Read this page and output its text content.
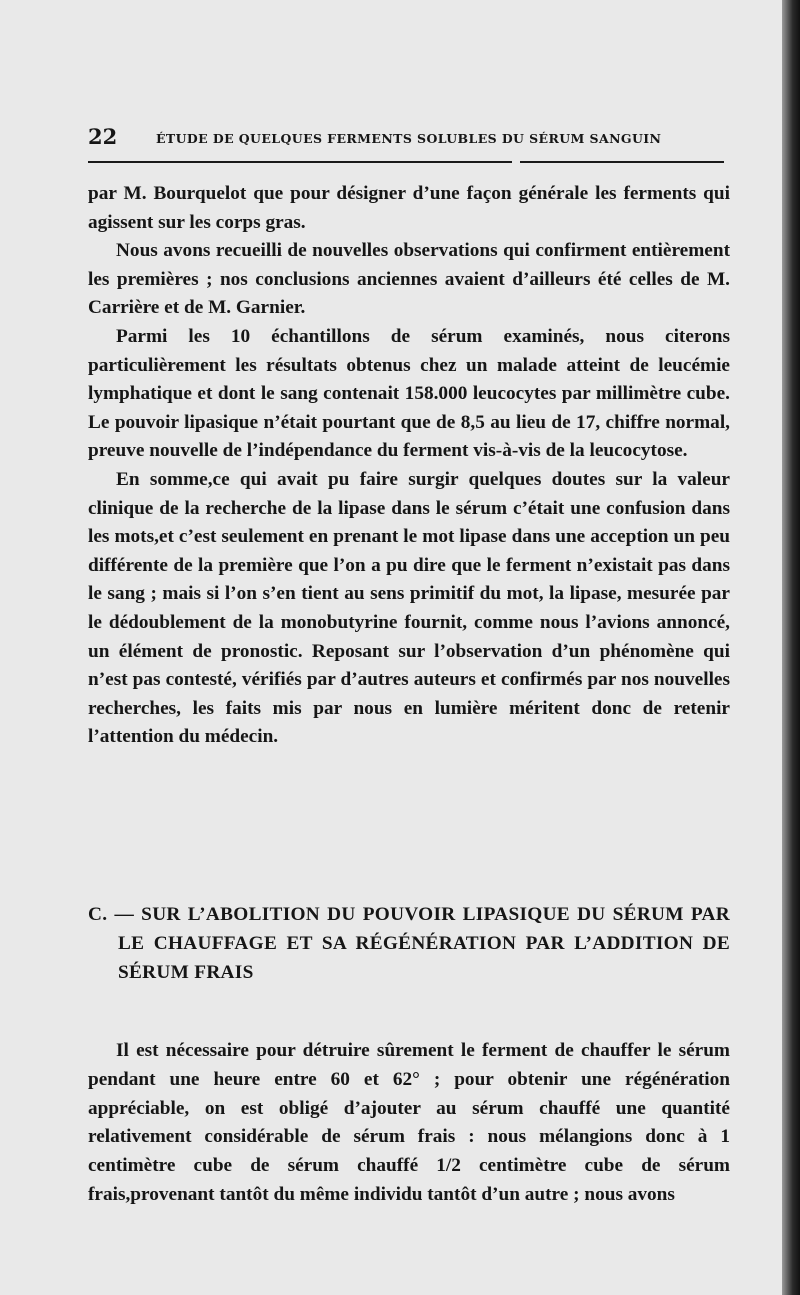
22	ÉTUDE DE QUELQUES FERMENTS SOLUBLES DU SÉRUM SANGUIN

par M. Bourquelot que pour désigner d’une façon générale les ferments qui agissent sur les corps gras.

Nous avons recueilli de nouvelles observations qui confirment entièrement les premières ; nos conclusions anciennes avaient d’ailleurs été celles de M. Carrière et de M. Garnier.

Parmi les 10 échantillons de sérum examinés, nous citerons particulièrement les résultats obtenus chez un malade atteint de leucémie lymphatique et dont le sang contenait 158.000 leucocytes par millimètre cube. Le pouvoir lipasique n’était pourtant que de 8,5 au lieu de 17, chiffre normal, preuve nouvelle de l’indépendance du ferment vis-à-vis de la leucocytose.

En somme,ce qui avait pu faire surgir quelques doutes sur la valeur clinique de la recherche de la lipase dans le sérum c’était une confusion dans les mots,et c’est seulement en prenant le mot lipase dans une acception un peu différente de la première que l’on a pu dire que le ferment n’existait pas dans le sang ; mais si l’on s’en tient au sens primitif du mot, la lipase, mesurée par le dédoublement de la monobutyrine fournit, comme nous l’avions annoncé, un élément de pronostic. Reposant sur l’observation d’un phénomène qui n’est pas contesté, vérifiés par d’autres auteurs et confirmés par nos nouvelles recherches, les faits mis par nous en lumière méritent donc de retenir l’attention du médecin.

C. — SUR L’ABOLITION DU POUVOIR LIPASIQUE DU SÉRUM PAR LE CHAUFFAGE ET SA RÉGÉNÉRATION PAR L’ADDITION DE SÉRUM FRAIS

Il est nécessaire pour détruire sûrement le ferment de chauffer le sérum pendant une heure entre 60 et 62° ; pour obtenir une régénération appréciable, on est obligé d’ajouter au sérum chauffé une quantité relativement considérable de sérum frais : nous mélangions donc à 1 centimètre cube de sérum chauffé 1/2 centimètre cube de sérum frais,provenant tantôt du même individu tantôt d’un autre ; nous avons
